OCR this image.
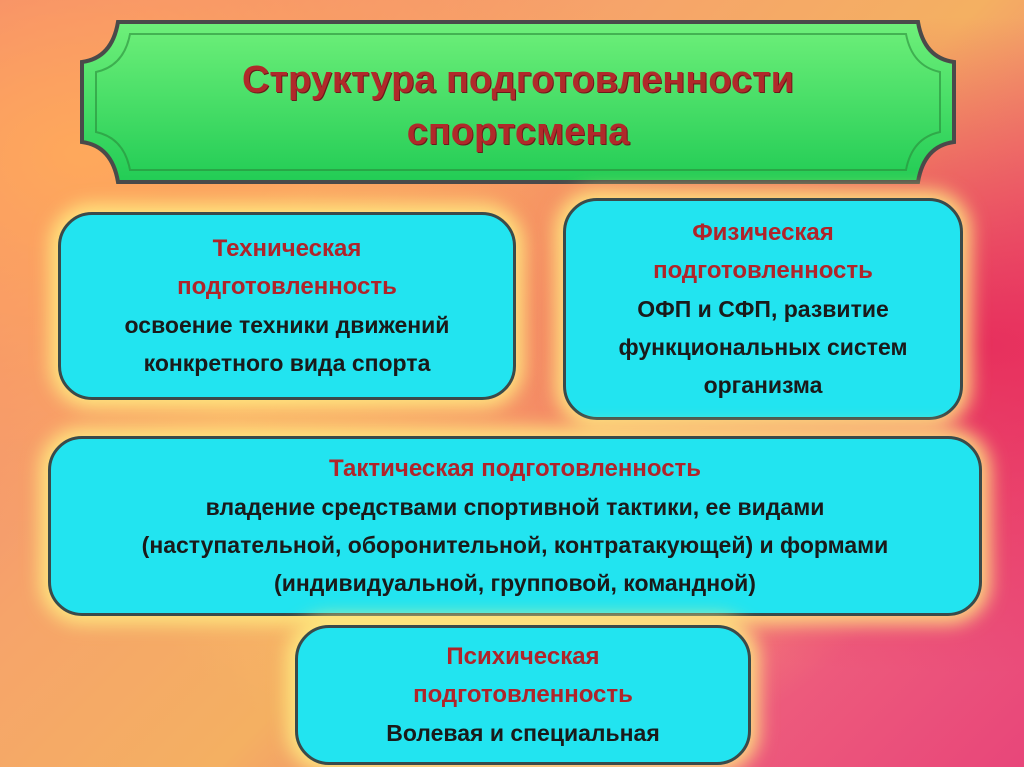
Структура подготовленности
спортсмена
Техническая
подготовленность
освоение техники движений
конкретного вида спорта
Физическая
подготовленность
ОФП и СФП, развитие
функциональных систем
организма
Тактическая подготовленность
владение средствами спортивной тактики, ее видами
(наступательной, оборонительной, контратакующей) и формами
(индивидуальной, групповой, командной)
Психическая
подготовленность
Волевая и специальная
